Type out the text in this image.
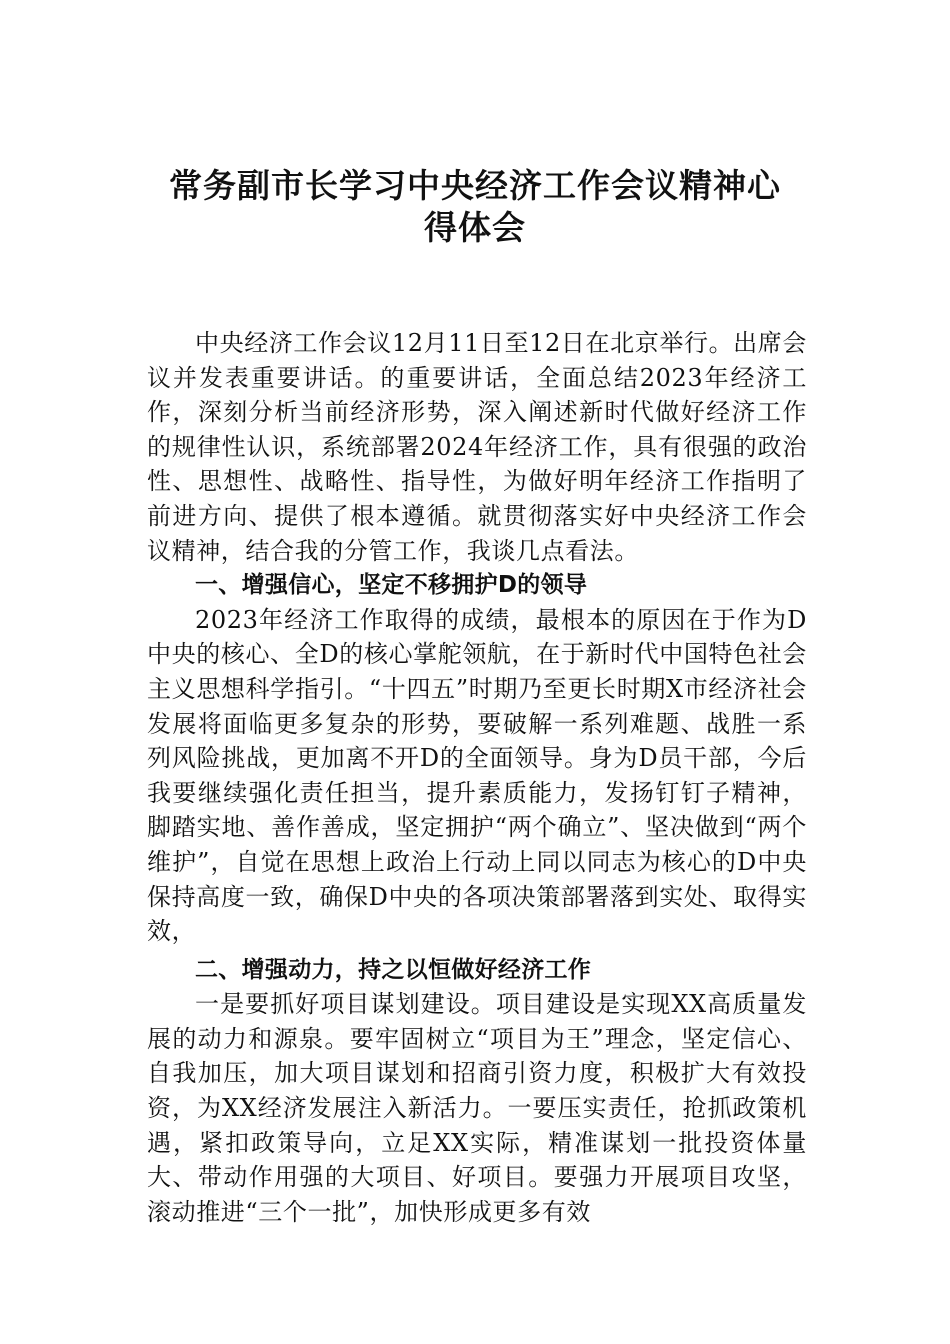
常务副市长学习中央经济工作会议精神心
得体会

中央经济工作会议12月11日至12日在北京举行。出席会议并发表重要讲话。的重要讲话，全面总结2023年经济工作，深刻分析当前经济形势，深入阐述新时代做好经济工作的规律性认识，系统部署2024年经济工作，具有很强的政治性、思想性、战略性、指导性，为做好明年经济工作指明了前进方向、提供了根本遵循。就贯彻落实好中央经济工作会议精神，结合我的分管工作，我谈几点看法。

一、增强信心，坚定不移拥护D的领导

2023年经济工作取得的成绩，最根本的原因在于作为D中央的核心、全D的核心掌舵领航，在于新时代中国特色社会主义思想科学指引。“十四五”时期乃至更长时期X市经济社会发展将面临更多复杂的形势，要破解一系列难题、战胜一系列风险挑战，更加离不开D的全面领导。身为D员干部，今后我要继续强化责任担当，提升素质能力，发扬钉钉子精神，脚踏实地、善作善成，坚定拥护“两个确立”、坚决做到“两个维护”，自觉在思想上政治上行动上同以同志为核心的D中央保持高度一致，确保D中央的各项决策部署落到实处、取得实效，

二、增强动力，持之以恒做好经济工作

一是要抓好项目谋划建设。项目建设是实现XX高质量发展的动力和源泉。要牢固树立“项目为王”理念，坚定信心、自我加压，加大项目谋划和招商引资力度，积极扩大有效投资，为XX经济发展注入新活力。一要压实责任，抢抓政策机遇，紧扣政策导向，立足XX实际，精准谋划一批投资体量大、带动作用强的大项目、好项目。要强力开展项目攻坚，滚动推进“三个一批”，加快形成更多有效
